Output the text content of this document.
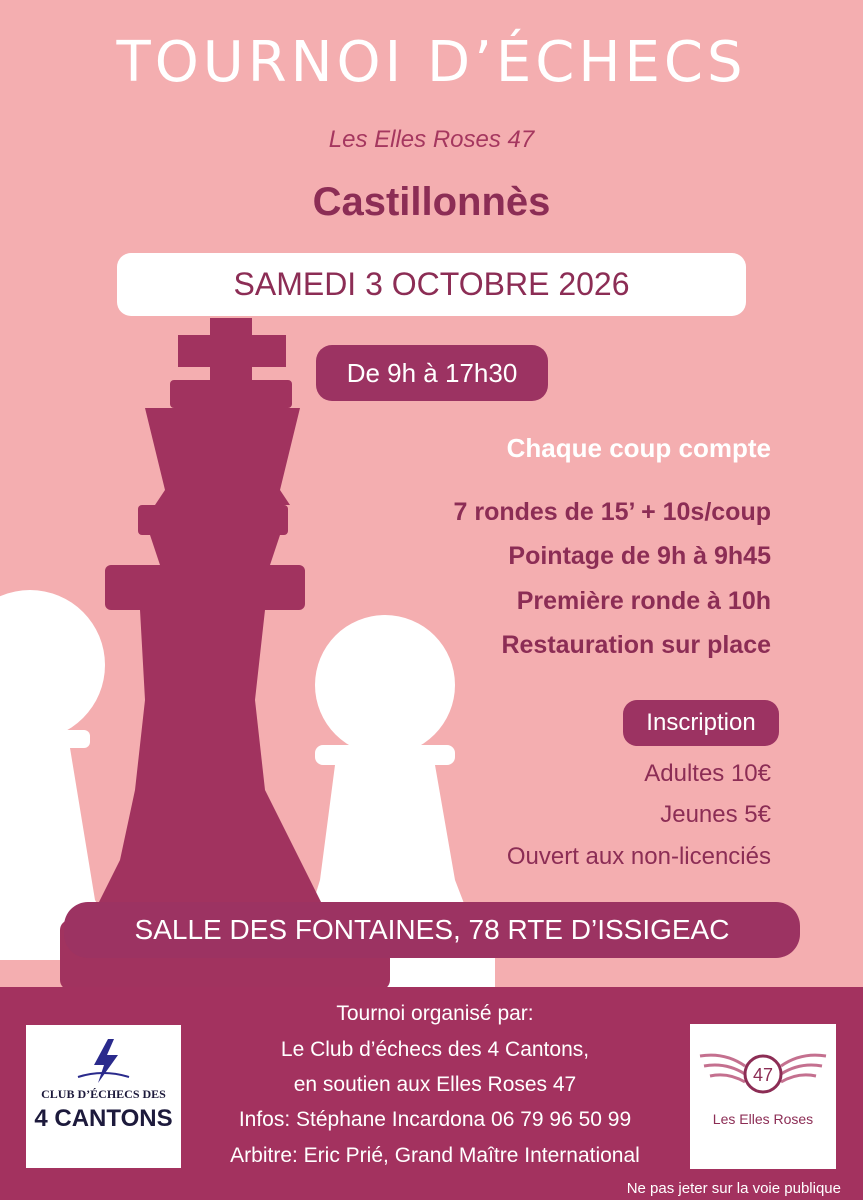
TOURNOI D’ÉCHECS
Les Elles Roses 47
Castillonnès
SAMEDI 3 OCTOBRE 2026
De 9h à 17h30
Chaque coup compte
7 rondes de 15’ + 10s/coup
Pointage de 9h à 9h45
Première ronde à 10h
Restauration sur place
Inscription
Adultes 10€
Jeunes 5€
Ouvert aux non-licenciés
SALLE DES FONTAINES, 78 RTE D’ISSIGEAC
Tournoi organisé par:
Le Club d’échecs des 4 Cantons,
en soutien aux Elles Roses 47
Infos: Stéphane Incardona 06 79 96 50 99
Arbitre: Eric Prié, Grand Maître International
CLUB D’ÉCHECS DES
4 CANTONS
47
Les Elles Roses
Ne pas jeter sur la voie publique
